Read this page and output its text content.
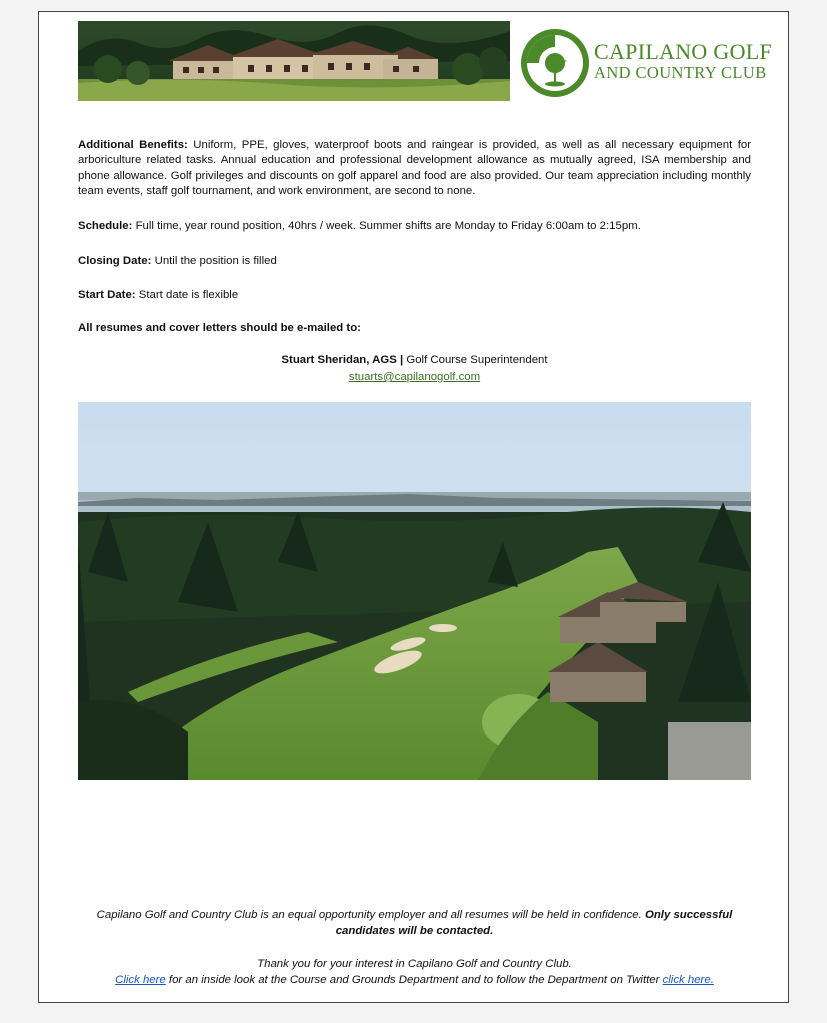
CAPILANO GOLF
AND COUNTRY CLUB
Additional Benefits: Uniform, PPE, gloves, waterproof boots and raingear is provided, as well as all necessary equipment for arboriculture related tasks. Annual education and professional development allowance as mutually agreed, ISA membership and phone allowance. Golf privileges and discounts on golf apparel and food are also provided. Our team appreciation including monthly team events, staff golf tournament, and work environment, are second to none.
Schedule: Full time, year round position, 40hrs / week. Summer shifts are Monday to Friday 6:00am to 2:15pm.
Closing Date: Until the position is filled
Start Date: Start date is flexible
All resumes and cover letters should be e-mailed to:
Stuart Sheridan, AGS | Golf Course Superintendent
stuarts@capilanogolf.com
Capilano Golf and Country Club is an equal opportunity employer and all resumes will be held in confidence. Only successful candidates will be contacted.
Thank you for your interest in Capilano Golf and Country Club.
Click here for an inside look at the Course and Grounds Department and to follow the Department on Twitter click here.
